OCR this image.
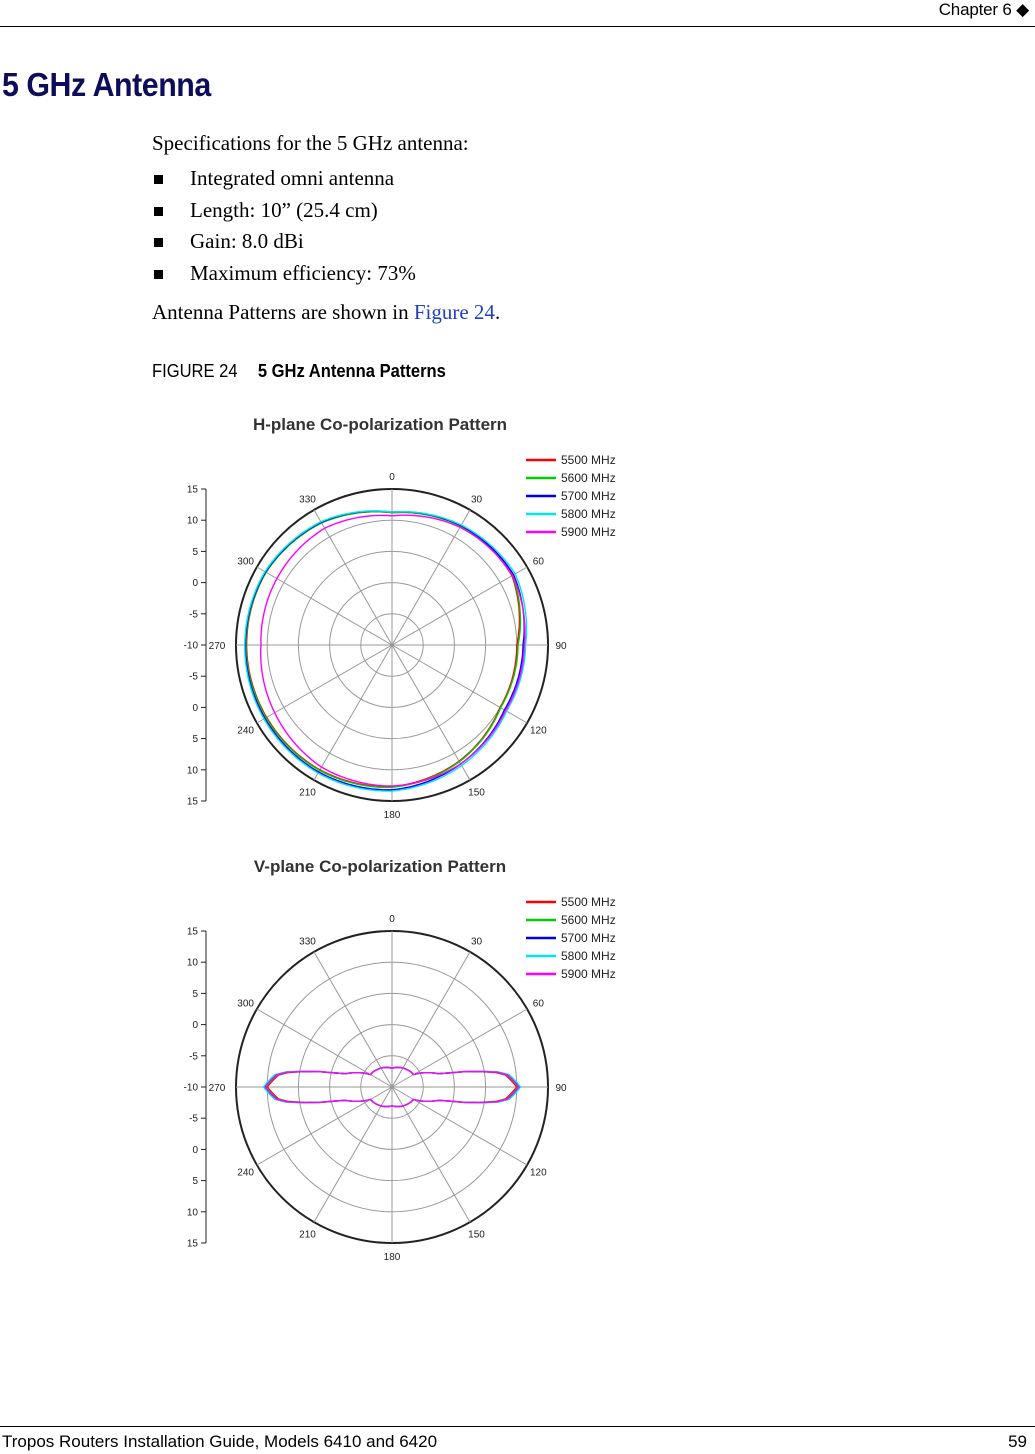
Chapter 6 ◆
5 GHz Antenna
Specifications for the 5 GHz antenna:
Integrated omni antenna
Length: 10” (25.4 cm)
Gain: 8.0 dBi
Maximum efficiency: 73%
Antenna Patterns are shown in Figure 24.
FIGURE 24 5 GHz Antenna Patterns
H-plane Co-polarization Pattern
0
30
60
90
120
150
180
210
240
270
300
330
15
10
5
0
-5
-10
-5
0
5
10
15
5500 MHz
5600 MHz
5700 MHz
5800 MHz
5900 MHz
V-plane Co-polarization Pattern
0
30
60
90
120
150
180
210
240
270
300
330
15
10
5
0
-5
-10
-5
0
5
10
15
5500 MHz
5600 MHz
5700 MHz
5800 MHz
5900 MHz
Tropos Routers Installation Guide, Models 6410 and 6420	59
